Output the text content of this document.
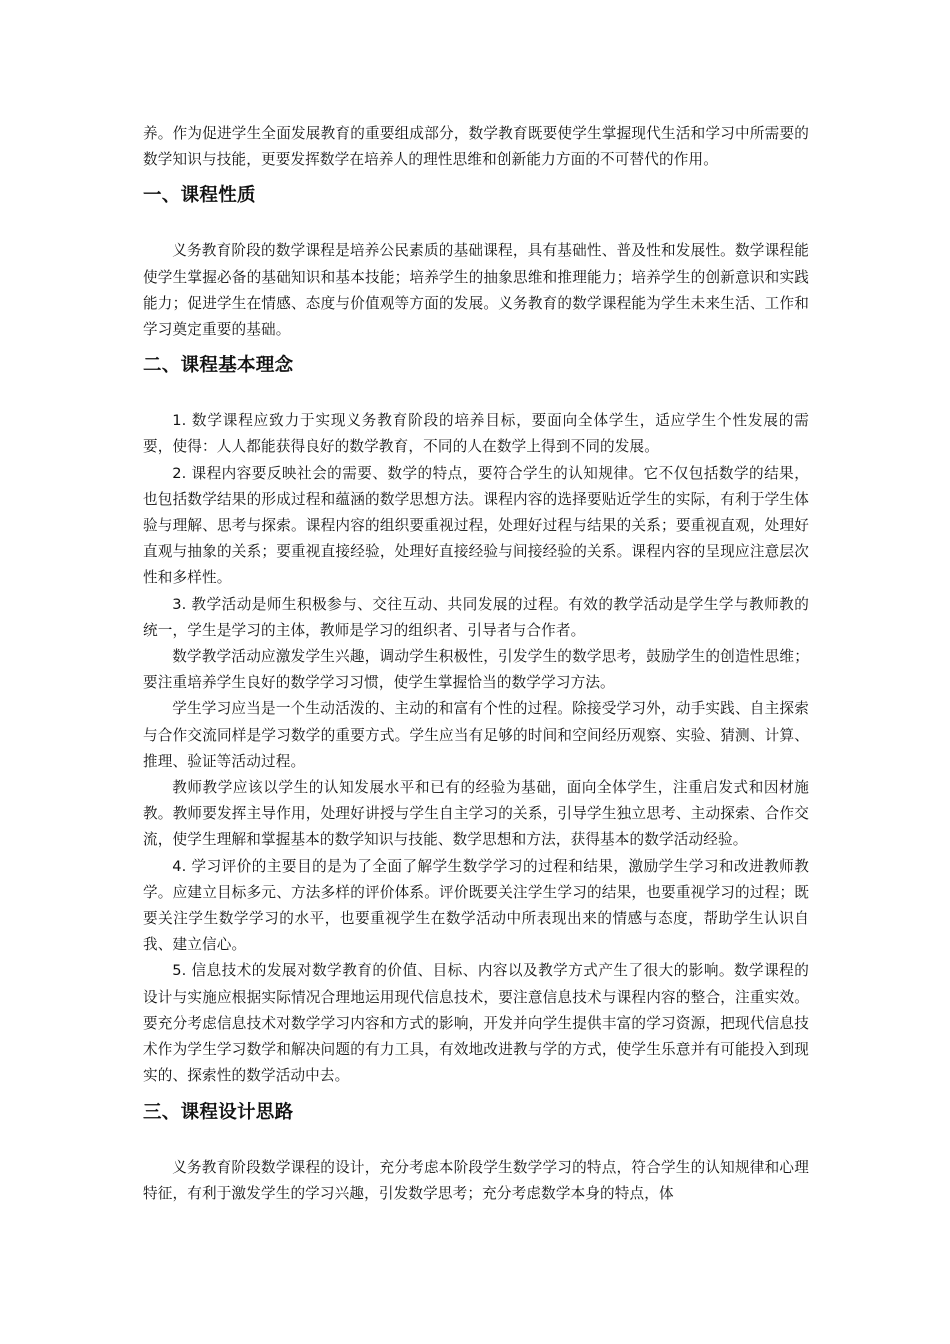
养。作为促进学生全面发展教育的重要组成部分，数学教育既要使学生掌握现代生活和学习中所需要的数学知识与技能，更要发挥数学在培养人的理性思维和创新能力方面的不可替代的作用。

一、课程性质

义务教育阶段的数学课程是培养公民素质的基础课程，具有基础性、普及性和发展性。数学课程能使学生掌握必备的基础知识和基本技能；培养学生的抽象思维和推理能力；培养学生的创新意识和实践能力；促进学生在情感、态度与价值观等方面的发展。义务教育的数学课程能为学生未来生活、工作和学习奠定重要的基础。

二、课程基本理念

1. 数学课程应致力于实现义务教育阶段的培养目标，要面向全体学生，适应学生个性发展的需要，使得：人人都能获得良好的数学教育，不同的人在数学上得到不同的发展。

2. 课程内容要反映社会的需要、数学的特点，要符合学生的认知规律。它不仅包括数学的结果，也包括数学结果的形成过程和蕴涵的数学思想方法。课程内容的选择要贴近学生的实际，有利于学生体验与理解、思考与探索。课程内容的组织要重视过程，处理好过程与结果的关系；要重视直观，处理好直观与抽象的关系；要重视直接经验，处理好直接经验与间接经验的关系。课程内容的呈现应注意层次性和多样性。

3. 教学活动是师生积极参与、交往互动、共同发展的过程。有效的教学活动是学生学与教师教的统一，学生是学习的主体，教师是学习的组织者、引导者与合作者。

数学教学活动应激发学生兴趣，调动学生积极性，引发学生的数学思考，鼓励学生的创造性思维；要注重培养学生良好的数学学习习惯，使学生掌握恰当的数学学习方法。

学生学习应当是一个生动活泼的、主动的和富有个性的过程。除接受学习外，动手实践、自主探索与合作交流同样是学习数学的重要方式。学生应当有足够的时间和空间经历观察、实验、猜测、计算、推理、验证等活动过程。

教师教学应该以学生的认知发展水平和已有的经验为基础，面向全体学生，注重启发式和因材施教。教师要发挥主导作用，处理好讲授与学生自主学习的关系，引导学生独立思考、主动探索、合作交流，使学生理解和掌握基本的数学知识与技能、数学思想和方法，获得基本的数学活动经验。

4. 学习评价的主要目的是为了全面了解学生数学学习的过程和结果，激励学生学习和改进教师教学。应建立目标多元、方法多样的评价体系。评价既要关注学生学习的结果，也要重视学习的过程；既要关注学生数学学习的水平，也要重视学生在数学活动中所表现出来的情感与态度，帮助学生认识自我、建立信心。

5. 信息技术的发展对数学教育的价值、目标、内容以及教学方式产生了很大的影响。数学课程的设计与实施应根据实际情况合理地运用现代信息技术，要注意信息技术与课程内容的整合，注重实效。要充分考虑信息技术对数学学习内容和方式的影响，开发并向学生提供丰富的学习资源，把现代信息技术作为学生学习数学和解决问题的有力工具，有效地改进教与学的方式，使学生乐意并有可能投入到现实的、探索性的数学活动中去。

三、课程设计思路

义务教育阶段数学课程的设计，充分考虑本阶段学生数学学习的特点，符合学生的认知规律和心理特征，有利于激发学生的学习兴趣，引发数学思考；充分考虑数学本身的特点，体
